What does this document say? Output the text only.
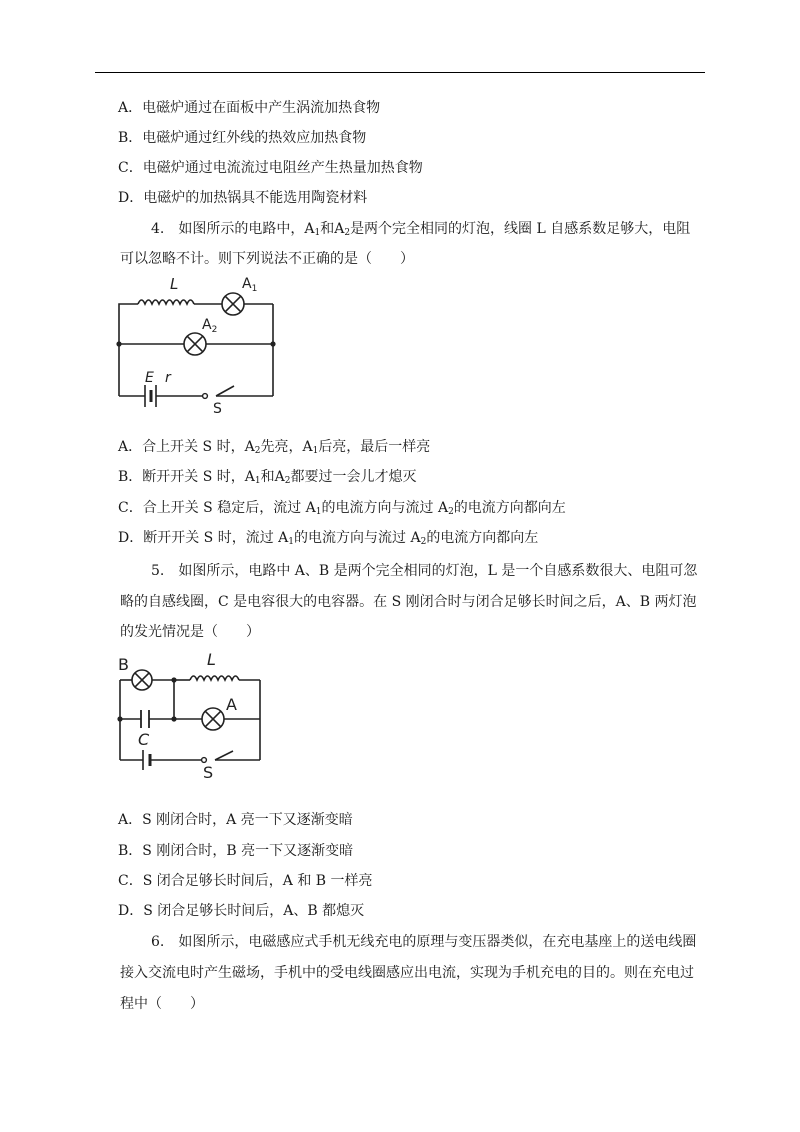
A．电磁炉通过在面板中产生涡流加热食物
B．电磁炉通过红外线的热效应加热食物
C．电磁炉通过电流流过电阻丝产生热量加热食物
D．电磁炉的加热锅具不能选用陶瓷材料
4.　如图所示的电路中，$A_1$和$A_2$是两个完全相同的灯泡，线圈 L 自感系数足够大，电阻
可以忽略不计。则下列说法不正确的是（　　）
L	$A_1$
$A_2$
E r
S
A．合上开关 S 时，$A_2$先亮，$A_1$后亮，最后一样亮
B．断开开关 S 时，$A_1$和$A_2$都要过一会儿才熄灭
C．合上开关 S 稳定后，流过 $A_1$的电流方向与流过 $A_2$的电流方向都向左
D．断开开关 S 时，流过 $A_1$的电流方向与流过 $A_2$的电流方向都向左
5.　如图所示，电路中 A、B 是两个完全相同的灯泡，L 是一个自感系数很大、电阻可忽
略的自感线圈，C 是电容很大的电容器。在 S 刚闭合时与闭合足够长时间之后，A、B 两灯泡
的发光情况是（　　）
B	L
A
C
S
A．S 刚闭合时，A 亮一下又逐渐变暗
B．S 刚闭合时，B 亮一下又逐渐变暗
C．S 闭合足够长时间后，A 和 B 一样亮
D．S 闭合足够长时间后，A、B 都熄灭
6.　如图所示，电磁感应式手机无线充电的原理与变压器类似，在充电基座上的送电线圈
接入交流电时产生磁场，手机中的受电线圈感应出电流，实现为手机充电的目的。则在充电过
程中（　　）
